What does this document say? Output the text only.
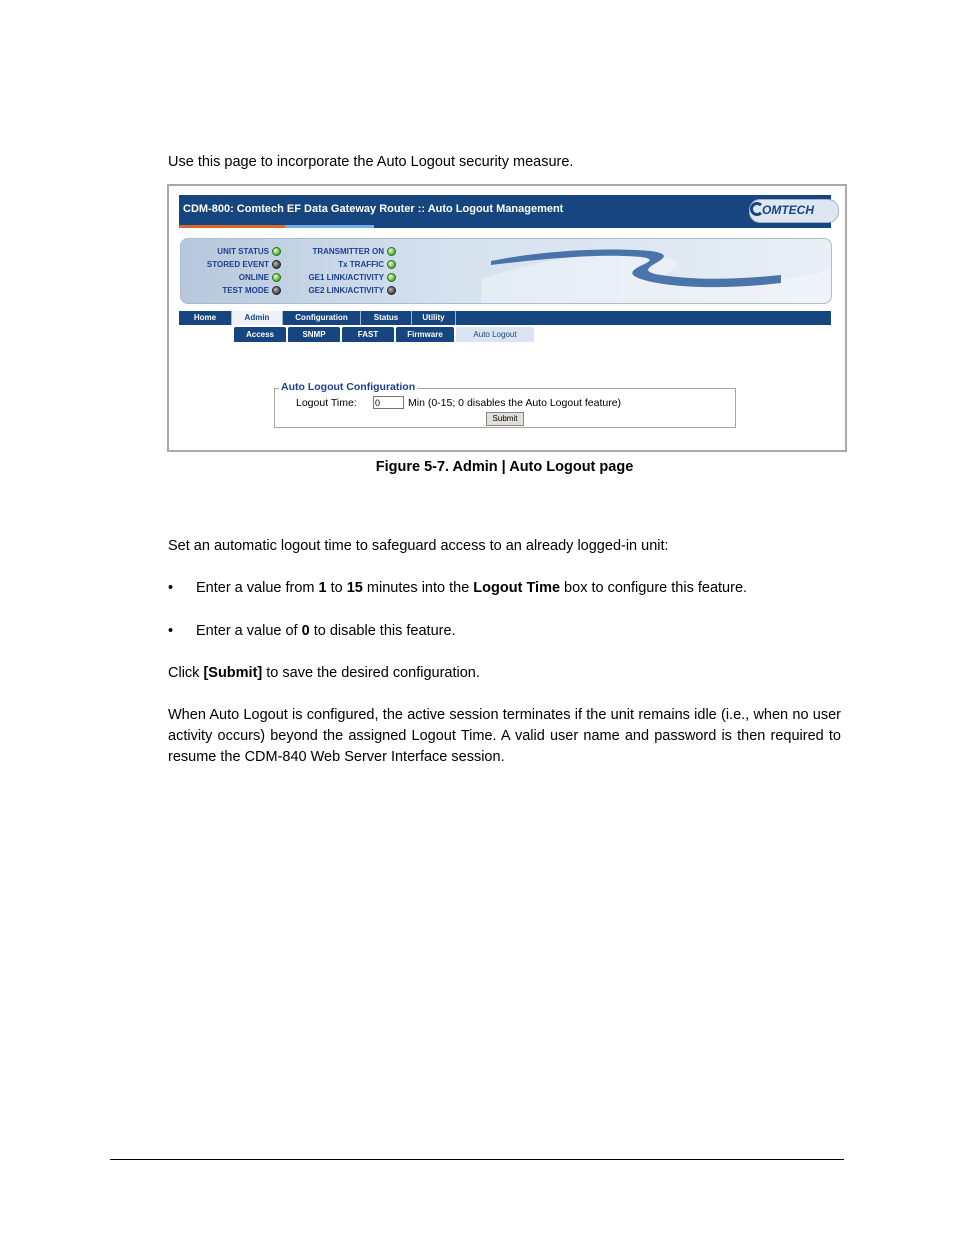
Use this page to incorporate the Auto Logout security measure.

CDM-800: Comtech EF Data Gateway Router :: Auto Logout Management	OMTECH
UNIT STATUS
STORED EVENT
ONLINE
TEST MODE
TRANSMITTER ON
Tx TRAFFIC
GE1 LINK/ACTIVITY
GE2 LINK/ACTIVITY
Home	Admin	Configuration	Status	Utility
Access	SNMP	FAST	Firmware	Auto Logout
Auto Logout Configuration
Logout Time:
0	Min (0-15; 0 disables the Auto Logout feature)
Submit
Figure 5-7. Admin | Auto Logout page

Set an automatic logout time to safeguard access to an already logged-in unit:

• Enter a value from 1 to 15 minutes into the Logout Time box to configure this feature.
• Enter a value of 0 to disable this feature.

Click [Submit] to save the desired configuration.

When Auto Logout is configured, the active session terminates if the unit remains idle (i.e., when no user activity occurs) beyond the assigned Logout Time. A valid user name and password is then required to resume the CDM-840 Web Server Interface session.
